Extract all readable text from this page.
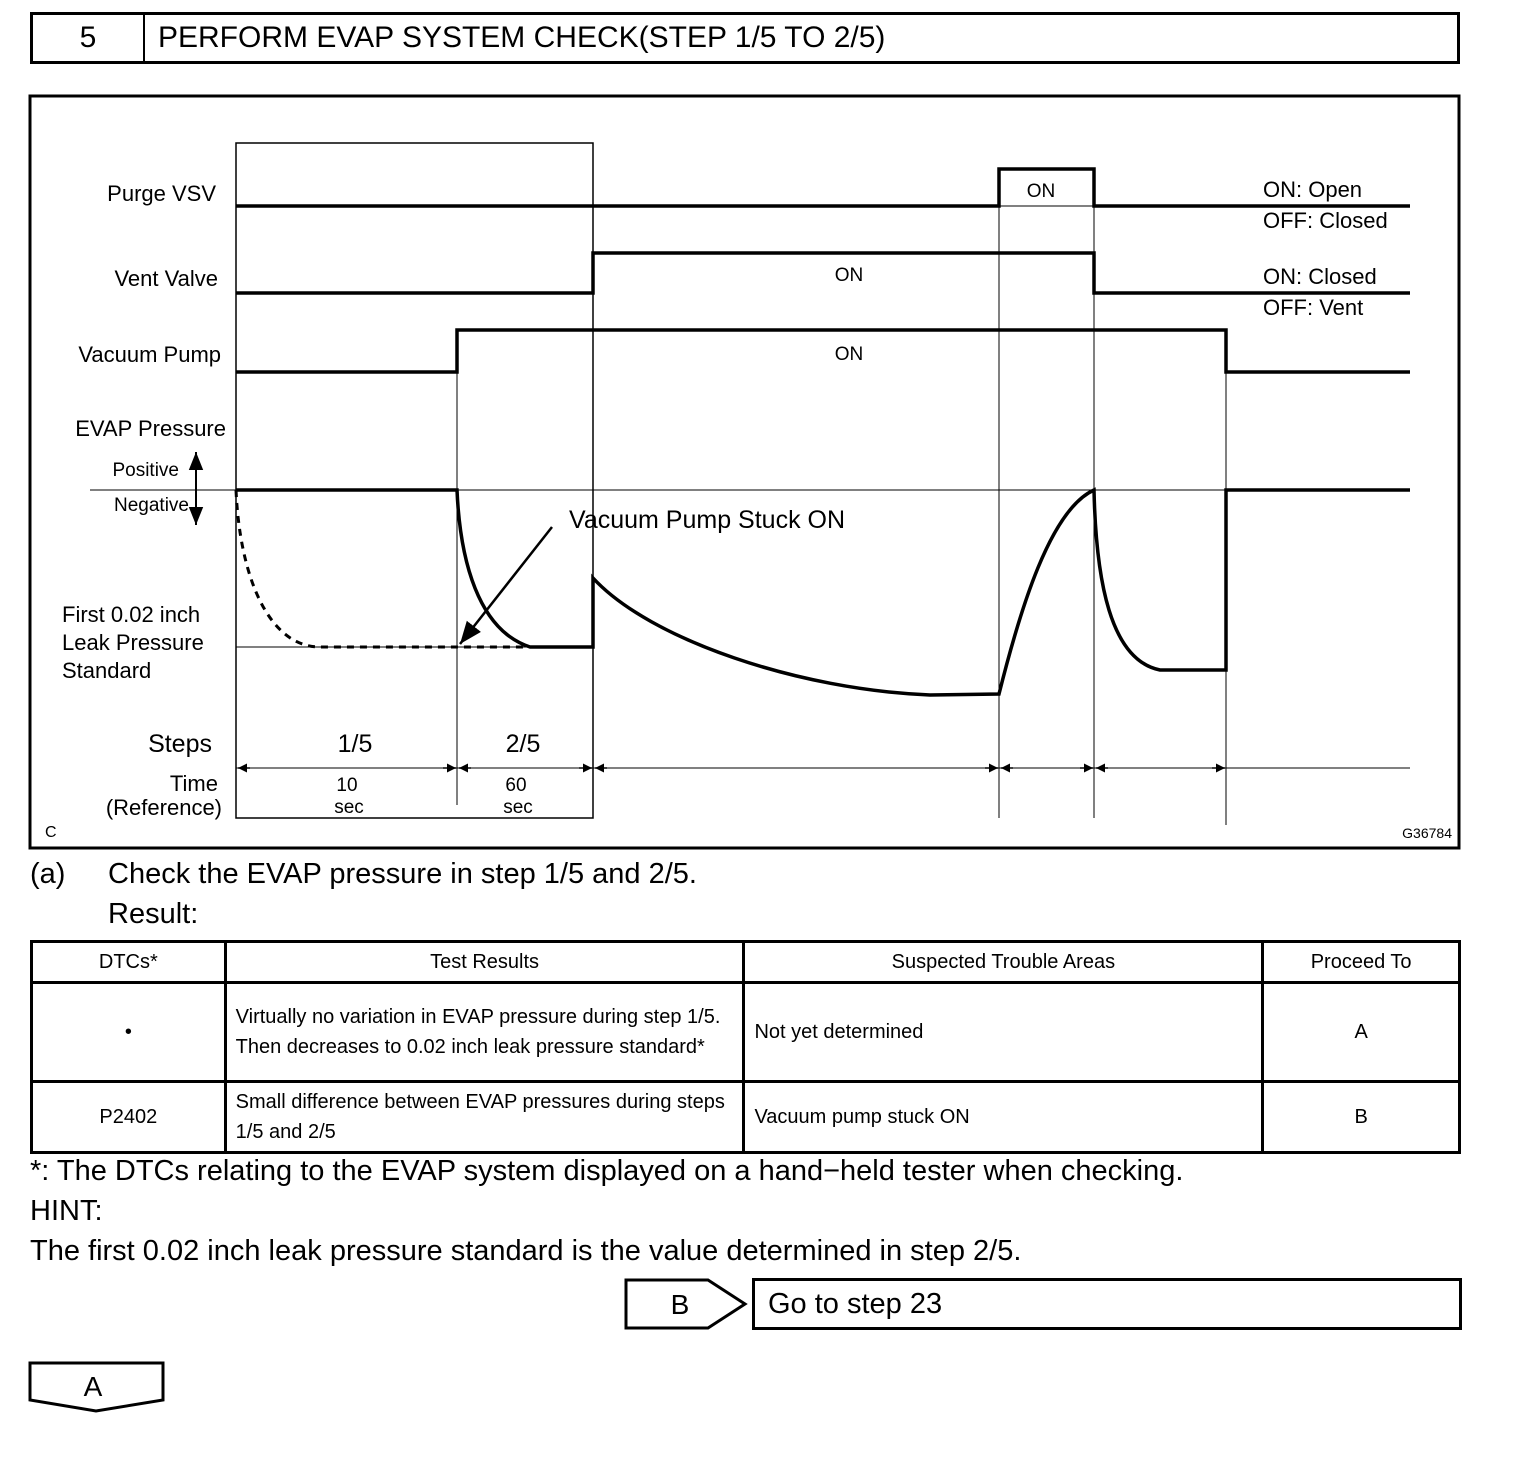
5	PERFORM EVAP SYSTEM CHECK(STEP 1/5 TO 2/5)
Purge VSV
Vent Valve
Vacuum Pump
EVAP Pressure
Positive
Negative
First 0.02 inch
Leak Pressure
Standard
Steps
Time
(Reference)
ON
ON
ON
ON: Open
OFF: Closed
ON: Closed
OFF: Vent
Vacuum Pump Stuck ON
1/5	2/5
10
sec
60
sec
C	G36784
(a) Check the EVAP pressure in step 1/5 and 2/5.
Result:
*: The DTCs relating to the EVAP system displayed on a hand−held tester when checking.
HINT:
The first 0.02 inch leak pressure standard is the value determined in step 2/5.
B
A
DTCs*	Test Results	Suspected Trouble Areas	Proceed To
•	Virtually no variation in EVAP pressure during step 1/5. Then decreases to 0.02 inch leak pressure standard*	Not yet determined	A
P2402	Small difference between EVAP pressures during steps 1/5 and 2/5	Vacuum pump stuck ON	B
Go to step 23
